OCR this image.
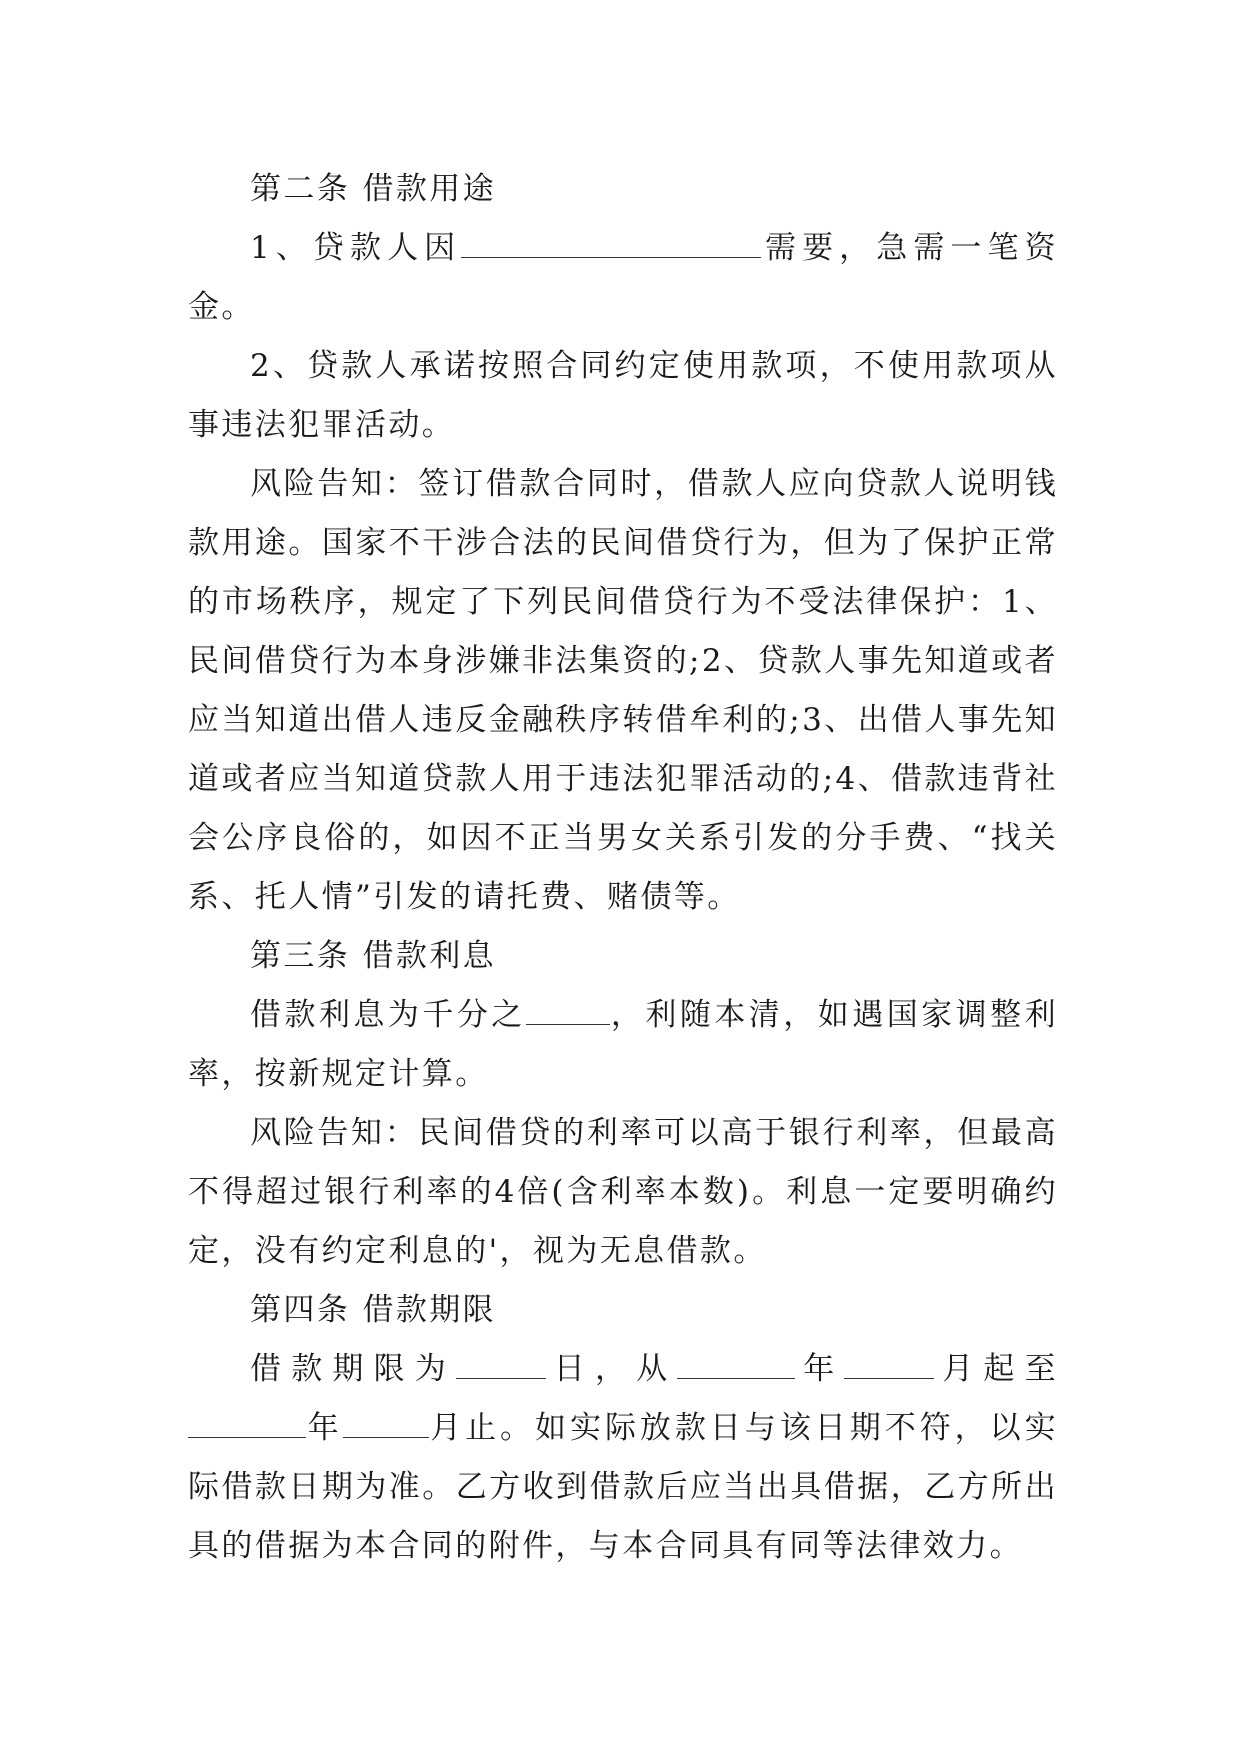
第二条 借款用途

1、贷款人因	需要，急需一笔资金。

2、贷款人承诺按照合同约定使用款项，不使用款项从事违法犯罪活动。

风险告知：签订借款合同时，借款人应向贷款人说明钱款用途。国家不干涉合法的民间借贷行为，但为了保护正常的市场秩序，规定了下列民间借贷行为不受法律保护：1、民间借贷行为本身涉嫌非法集资的;2、贷款人事先知道或者应当知道出借人违反金融秩序转借牟利的;3、出借人事先知道或者应当知道贷款人用于违法犯罪活动的;4、借款违背社会公序良俗的，如因不正当男女关系引发的分手费、“找关系、托人情”引发的请托费、赌债等。

第三条 借款利息

借款利息为千分之	，利随本清，如遇国家调整利率，按新规定计算。

风险告知：民间借贷的利率可以高于银行利率，但最高不得超过银行利率的4倍(含利率本数)。利息一定要明确约定，没有约定利息的'，视为无息借款。

第四条 借款期限

借款期限为	日，从	年	月起至

年	月止。如实际放款日与该日期不符，以实际借款日期为准。乙方收到借款后应当出具借据，乙方所出具的借据为本合同的附件，与本合同具有同等法律效力。
